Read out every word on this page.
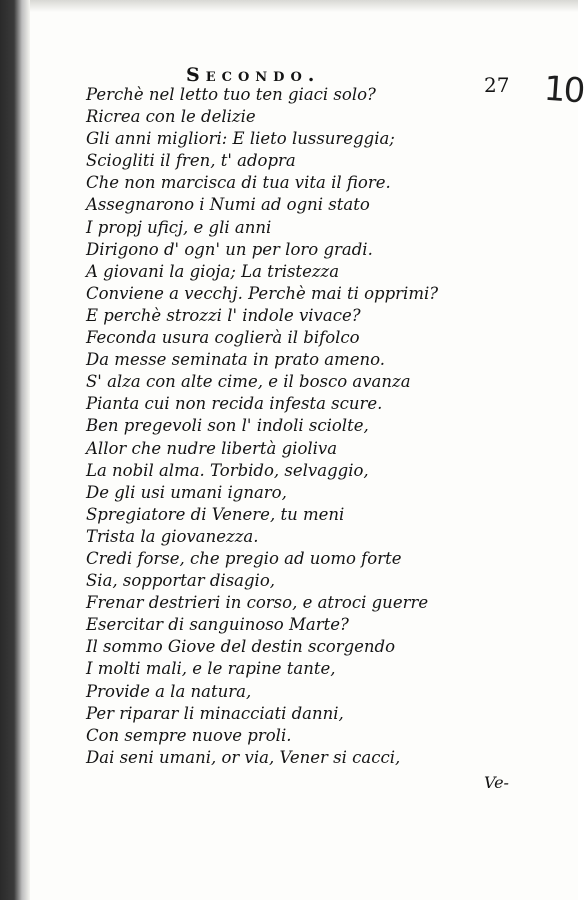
Secondo.	27 10
Perchè nel letto tuo ten giaci solo?
Ricrea con le delizie
Gli anni migliori: E lieto lussureggia;
Sciogliti il fren, t' adopra
Che non marcisca di tua vita il fiore.
Assegnarono i Numi ad ogni stato
I propj uficj, e gli anni
Dirigono d' ogn' un per loro gradi.
A giovani la gioja; La tristezza
Conviene a vecchj. Perchè mai ti opprimi?
E perchè strozzi l' indole vivace?
Feconda usura coglierà il bifolco
Da messe seminata in prato ameno.
S' alza con alte cime, e il bosco avanza
Pianta cui non recida infesta scure.
Ben pregevoli son l' indoli sciolte,
Allor che nudre libertà gioliva
La nobil alma. Torbido, selvaggio,
De gli usi umani ignaro,
Spregiatore di Venere, tu meni
Trista la giovanezza.
Credi forse, che pregio ad uomo forte
Sia, sopportar disagio,
Frenar destrieri in corso, e atroci guerre
Esercitar di sanguinoso Marte?
Il sommo Giove del destin scorgendo
I molti mali, e le rapine tante,
Provide a la natura,
Per riparar li minacciati danni,
Con sempre nuove proli.
Dai seni umani, or via, Vener si cacci,
Ve-
